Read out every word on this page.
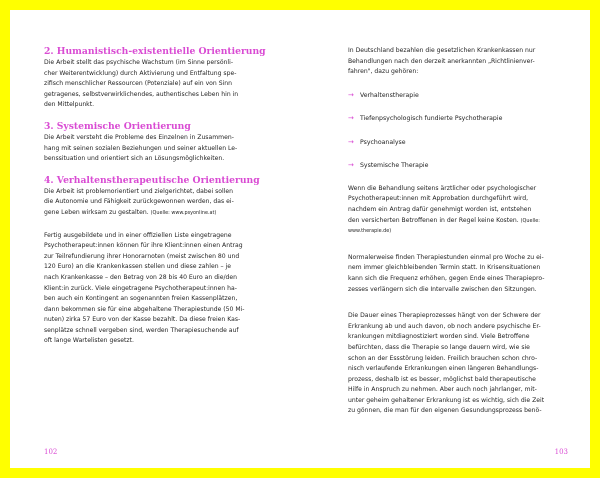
2. Humanistisch-existentielle Orientierung

Die Arbeit stellt das psychische Wachstum (im Sinne persönli-
cher Weiterentwicklung) durch Aktivierung und Entfaltung spe-
zifisch menschlicher Ressourcen (Potenziale) auf ein von Sinn
getragenes, selbstverwirklichendes, authentisches Leben hin in
den Mittelpunkt.

3. Systemische Orientierung

Die Arbeit versteht die Probleme des Einzelnen in Zusammen-
hang mit seinen sozialen Beziehungen und seiner aktuellen Le-
benssituation und orientiert sich an Lösungsmöglichkeiten.

4. Verhaltenstherapeutische Orientierung

Die Arbeit ist problemorientiert und zielgerichtet, dabei sollen
die Autonomie und Fähigkeit zurückgewonnen werden, das ei-
gene Leben wirksam zu gestalten. (Quelle: www.psyonline.at)

Fertig ausgebildete und in einer offiziellen Liste eingetragene
Psychotherapeut:innen können für ihre Klient:innen einen Antrag
zur Teilrefundierung ihrer Honorarnoten (meist zwischen 80 und
120 Euro) an die Krankenkassen stellen und diese zahlen – je
nach Krankenkasse – den Betrag von 28 bis 40 Euro an die/den
Klient:in zurück. Viele eingetragene Psychotherapeut:innen ha-
ben auch ein Kontingent an sogenannten freien Kassenplätzen,
dann bekommen sie für eine abgehaltene Therapiestunde (50 Mi-
nuten) zirka 57 Euro von der Kasse bezahlt. Da diese freien Kas-
senplätze schnell vergeben sind, werden Therapiesuchende auf
oft lange Wartelisten gesetzt.

102

In Deutschland bezahlen die gesetzlichen Krankenkassen nur
Behandlungen nach den derzeit anerkannten „Richtlinienver-
fahren", dazu gehören:

→ Verhaltenstherapie
→ Tiefenpsychologisch fundierte Psychotherapie
→ Psychoanalyse
→ Systemische Therapie

Wenn die Behandlung seitens ärztlicher oder psychologischer
Psychotherapeut:innen mit Approbation durchgeführt wird,
nachdem ein Antrag dafür genehmigt worden ist, entstehen
den versicherten Betroffenen in der Regel keine Kosten. (Quelle:
www.therapie.de)

Normalerweise finden Therapiestunden einmal pro Woche zu ei-
nem immer gleichbleibenden Termin statt. In Krisensituationen
kann sich die Frequenz erhöhen, gegen Ende eines Therapiepro-
zesses verlängern sich die Intervalle zwischen den Sitzungen.

Die Dauer eines Therapieprozesses hängt von der Schwere der
Erkrankung ab und auch davon, ob noch andere psychische Er-
krankungen mitdiagnostiziert worden sind. Viele Betroffene
befürchten, dass die Therapie so lange dauern wird, wie sie
schon an der Essstörung leiden. Freilich brauchen schon chro-
nisch verlaufende Erkrankungen einen längeren Behandlungs-
prozess, deshalb ist es besser, möglichst bald therapeutische
Hilfe in Anspruch zu nehmen. Aber auch noch jahrlanger, mit-
unter geheim gehaltener Erkrankung ist es wichtig, sich die Zeit
zu gönnen, die man für den eigenen Gesundungsprozess benö-

103
